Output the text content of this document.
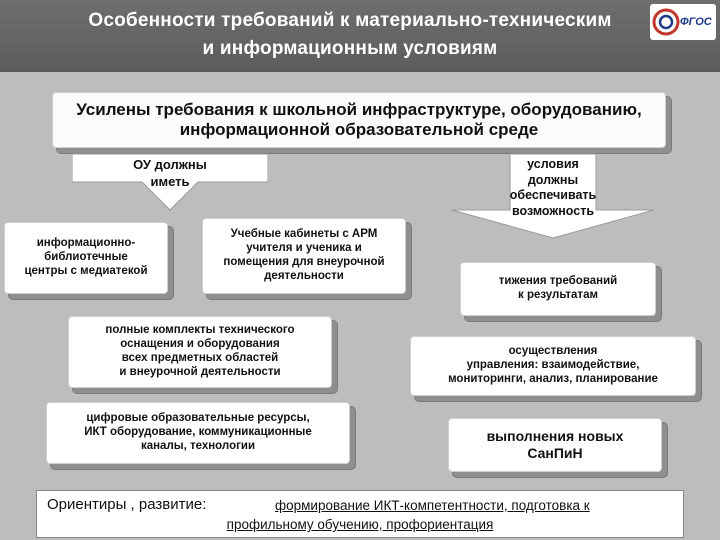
Особенности требований к материально-техническим
и информационным условиям
ФГОС
Усилены требования к школьной инфраструктуре, оборудованию,
информационной образовательной среде
ОУ должны
иметь
условия
должны
обеспечивать
возможность
информационно-
библиотечные
центры с медиатекой
Учебные кабинеты с АРМ
учителя и ученика и
помещения для внеурочной
деятельности
полные комплекты технического
оснащения и оборудования
всех предметных областей
и внеурочной деятельности
цифровые образовательные ресурсы,
ИКТ оборудование, коммуникационные
каналы, технологии
тижения требований
к результатам
осуществления
управления: взаимодействие,
мониторинги, анализ, планирование
выполнения новых
СанПиН
Ориентиры , развитие:	формирование ИКТ-компетентности, подготовка к
профильному обучению, профориентация
